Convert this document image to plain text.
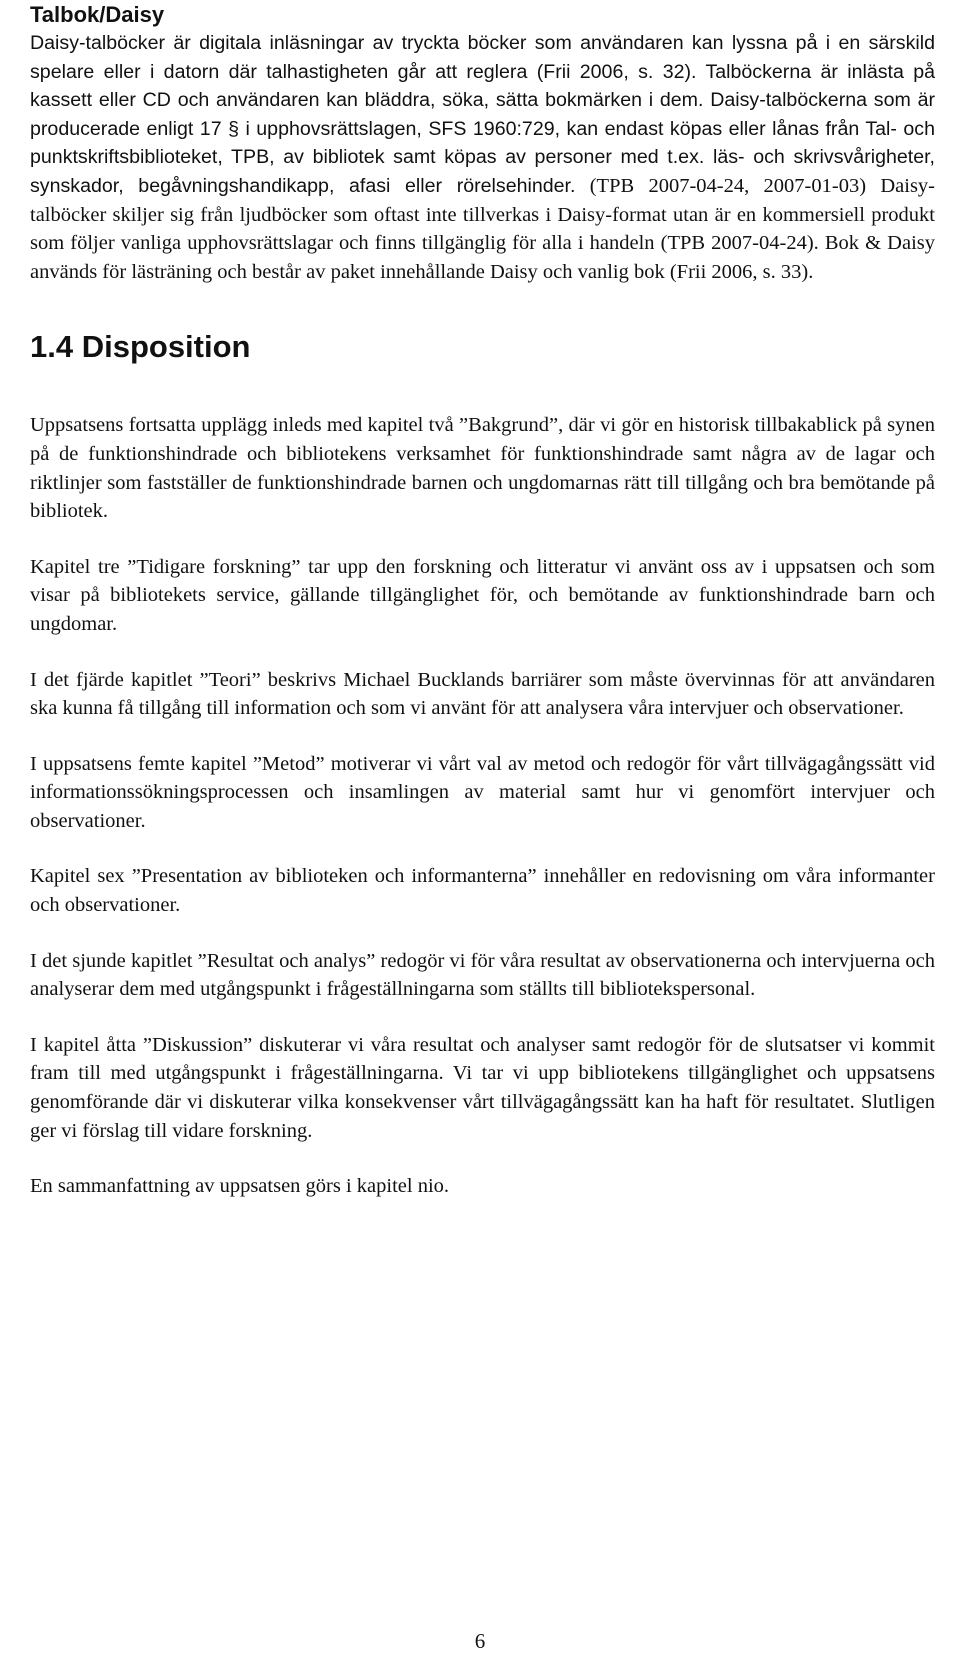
Talbok/Daisy

Daisy-talböcker är digitala inläsningar av tryckta böcker som användaren kan lyssna på i en särskild spelare eller i datorn där talhastigheten går att reglera (Frii 2006, s. 32). Talböckerna är inlästa på kassett eller CD och användaren kan bläddra, söka, sätta bokmärken i dem. Daisy-talböckerna som är producerade enligt 17 § i upphovsrättslagen, SFS 1960:729, kan endast köpas eller lånas från Tal- och punktskriftsbiblioteket, TPB, av bibliotek samt köpas av personer med t.ex. läs- och skrivsvårigheter, synskador, begåvningshandikapp, afasi eller rörelsehinder. (TPB 2007-04-24, 2007-01-03) Daisy-talböcker skiljer sig från ljudböcker som oftast inte tillverkas i Daisy-format utan är en kommersiell produkt som följer vanliga upphovsrättslagar och finns tillgänglig för alla i handeln (TPB 2007-04-24). Bok & Daisy används för lästräning och består av paket innehållande Daisy och vanlig bok (Frii 2006, s. 33).

1.4 Disposition

Uppsatsens fortsatta upplägg inleds med kapitel två ”Bakgrund”, där vi gör en historisk tillbakablick på synen på de funktionshindrade och bibliotekens verksamhet för funktionshindrade samt några av de lagar och riktlinjer som fastställer de funktionshindrade barnen och ungdomarnas rätt till tillgång och bra bemötande på bibliotek.

Kapitel tre ”Tidigare forskning” tar upp den forskning och litteratur vi använt oss av i uppsatsen och som visar på bibliotekets service, gällande tillgänglighet för, och bemötande av funktionshindrade barn och ungdomar.

I det fjärde kapitlet ”Teori” beskrivs Michael Bucklands barriärer som måste övervinnas för att användaren ska kunna få tillgång till information och som vi använt för att analysera våra intervjuer och observationer.

I uppsatsens femte kapitel ”Metod” motiverar vi vårt val av metod och redogör för vårt tillvägagångssätt vid informationssökningsprocessen och insamlingen av material samt hur vi genomfört intervjuer och observationer.

Kapitel sex ”Presentation av biblioteken och informanterna” innehåller en redovisning om våra informanter och observationer.

I det sjunde kapitlet ”Resultat och analys” redogör vi för våra resultat av observationerna och intervjuerna och analyserar dem med utgångspunkt i frågeställningarna som ställts till bibliotekspersonal.

I kapitel åtta ”Diskussion” diskuterar vi våra resultat och analyser samt redogör för de slutsatser vi kommit fram till med utgångspunkt i frågeställningarna. Vi tar vi upp bibliotekens tillgänglighet och uppsatsens genomförande där vi diskuterar vilka konsekvenser vårt tillvägagångssätt kan ha haft för resultatet. Slutligen ger vi förslag till vidare forskning.

En sammanfattning av uppsatsen görs i kapitel nio.

6
